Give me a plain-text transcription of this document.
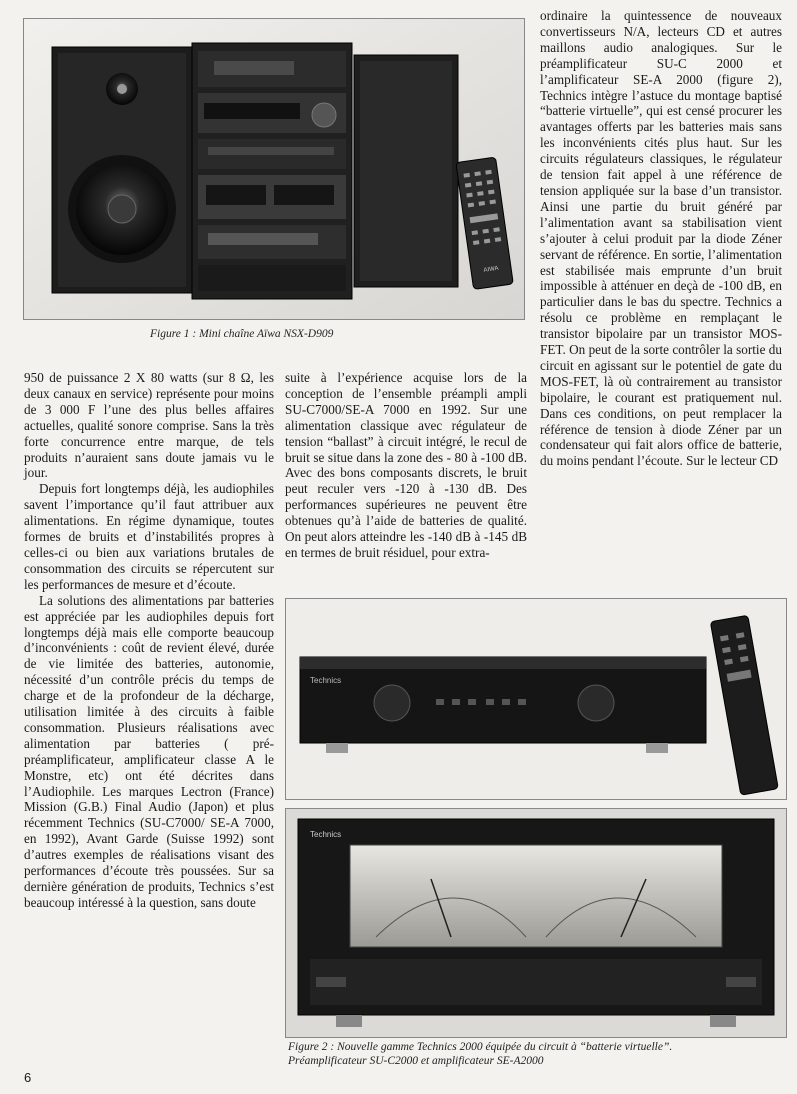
AIWA
Figure 1 : Mini chaîne Aïwa NSX-D909

ordinaire la quintessence de nouveaux convertisseurs N/A, lecteurs CD et autres maillons audio analogiques. Sur le préamplificateur SU-C 2000 et l’amplificateur SE-A 2000 (figure 2), Technics intègre l’astuce du montage baptisé “batterie virtuelle”, qui est censé procurer les avantages offerts par les batteries mais sans les inconvénients cités plus haut. Sur les circuits régulateurs classiques, le régulateur de tension fait appel à une référence de tension appliquée sur la base d’un transistor. Ainsi une partie du bruit généré par l’alimentation avant sa stabilisation vient s’ajouter à celui produit par la diode Zéner servant de référence. En sortie, l’alimentation est stabilisée mais emprunte d’un bruit impossible à atténuer en deçà de -100 dB, en particulier dans le bas du spectre. Technics a résolu ce problème en remplaçant le transistor bipolaire par un transistor MOS-FET. On peut de la sorte contrôler la sortie du circuit en agissant sur le potentiel de gate du MOS-FET, là où contrairement au transistor bipolaire, le courant est pratiquement nul. Dans ces conditions, on peut remplacer la référence de tension à diode Zéner par un condensateur qui fait alors office de batterie, du moins pendant l’écoute. Sur le lecteur CD

950 de puissance 2 X 80 watts (sur 8 Ω, les deux canaux en service) représente pour moins de 3 000 F l’une des plus belles affaires actuelles, qualité sonore comprise. Sans la très forte concurrence entre marque, de tels produits n’auraient sans doute jamais vu le jour.

Depuis fort longtemps déjà, les audiophiles savent l’importance qu’il faut attribuer aux alimentations. En régime dynamique, toutes formes de bruits et d’instabilités propres à celles-ci ou bien aux variations brutales de consommation des circuits se répercutent sur les performances de mesure et d’écoute.

La solutions des alimentations par batteries est appréciée par les audiophiles depuis fort longtemps déjà mais elle comporte beaucoup d’inconvénients : coût de revient élevé, durée de vie limitée des batteries, autonomie, nécessité d’un contrôle précis du temps de charge et de la profondeur de la décharge, utilisation limitée à des circuits à faible consommation. Plusieurs réalisations avec alimentation par batteries ( pré-préamplificateur, amplificateur classe A le Monstre, etc) ont été décrites dans l’Audiophile. Les marques Lectron (France) Mission (G.B.) Final Audio (Japon) et plus récemment Technics (SU-C7000/ SE-A 7000, en 1992), Avant Garde (Suisse 1992) sont d’autres exemples de réalisations visant des performances d’écoute très poussées. Sur sa dernière génération de produits, Technics s’est beaucoup intéressé à la question, sans doute

suite à l’expérience acquise lors de la conception de l’ensemble préampli ampli SU-C7000/SE-A 7000 en 1992. Sur une alimentation classique avec régulateur de tension “ballast” à circuit intégré, le recul de bruit se situe dans la zone des - 80 à -100 dB. Avec des bons composants discrets, le bruit peut reculer vers -120 à -130 dB. Des performances supérieures ne peuvent être obtenues qu’à l’aide de batteries de qualité. On peut alors atteindre les -140 dB à -145 dB en termes de bruit résiduel, pour extra-

Technics
Technics
Figure 2 : Nouvelle gamme Technics 2000 équipée du circuit à “batterie virtuelle”.
Préamplificateur SU-C2000 et amplificateur SE-A2000
6
